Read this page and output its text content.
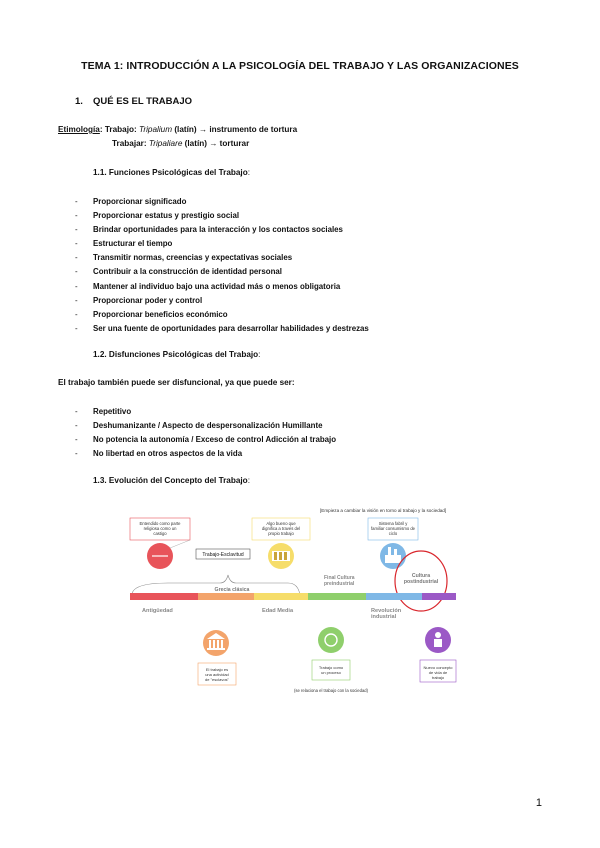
TEMA 1: INTRODUCCIÓN A LA PSICOLOGÍA DEL TRABAJO Y LAS ORGANIZACIONES
1. QUÉ ES EL TRABAJO
Etimología: Trabajo: Tripalium (latín) → instrumento de tortura
Trabajar: Tripaliare (latín) → torturar
1.1. Funciones Psicológicas del Trabajo:
- Proporcionar significado
- Proporcionar estatus y prestigio social
- Brindar oportunidades para la interacción y los contactos sociales
- Estructurar el tiempo
- Transmitir normas, creencias y expectativas sociales
- Contribuir a la construcción de identidad personal
- Mantener al individuo bajo una actividad más o menos obligatoria
- Proporcionar poder y control
- Proporcionar beneficios económico
- Ser una fuente de oportunidades para desarrollar habilidades y destrezas
1.2. Disfunciones Psicológicas del Trabajo:
El trabajo también puede ser disfuncional, ya que puede ser:
- Repetitivo
- Deshumanizante / Aspecto de despersonalización Humillante
- No potencia la autonomía / Exceso de control Adicción al trabajo
- No libertad en otros aspectos de la vida
1.3. Evolución del Concepto del Trabajo:
[Empieza a cambiar la visión en torno al trabajo y la sociedad]
Entendido como parte religiosa como un castigo
Algo bueno que dignifica a través del propio trabajo
Sistema fabril y familiar consumismo de ciclo
Trabajo-Esclavitud
Grecia clásica
Final Cultura preindustrial
Cultura postindustrial
Antigüedad	Edad Media	Revolución industrial
El trabajo es una actividad de "esclavos"
Trabajo como un proceso
(se relaciona el trabajo con la sociedad)
Nuevo concepto de vida de trabajo
1
